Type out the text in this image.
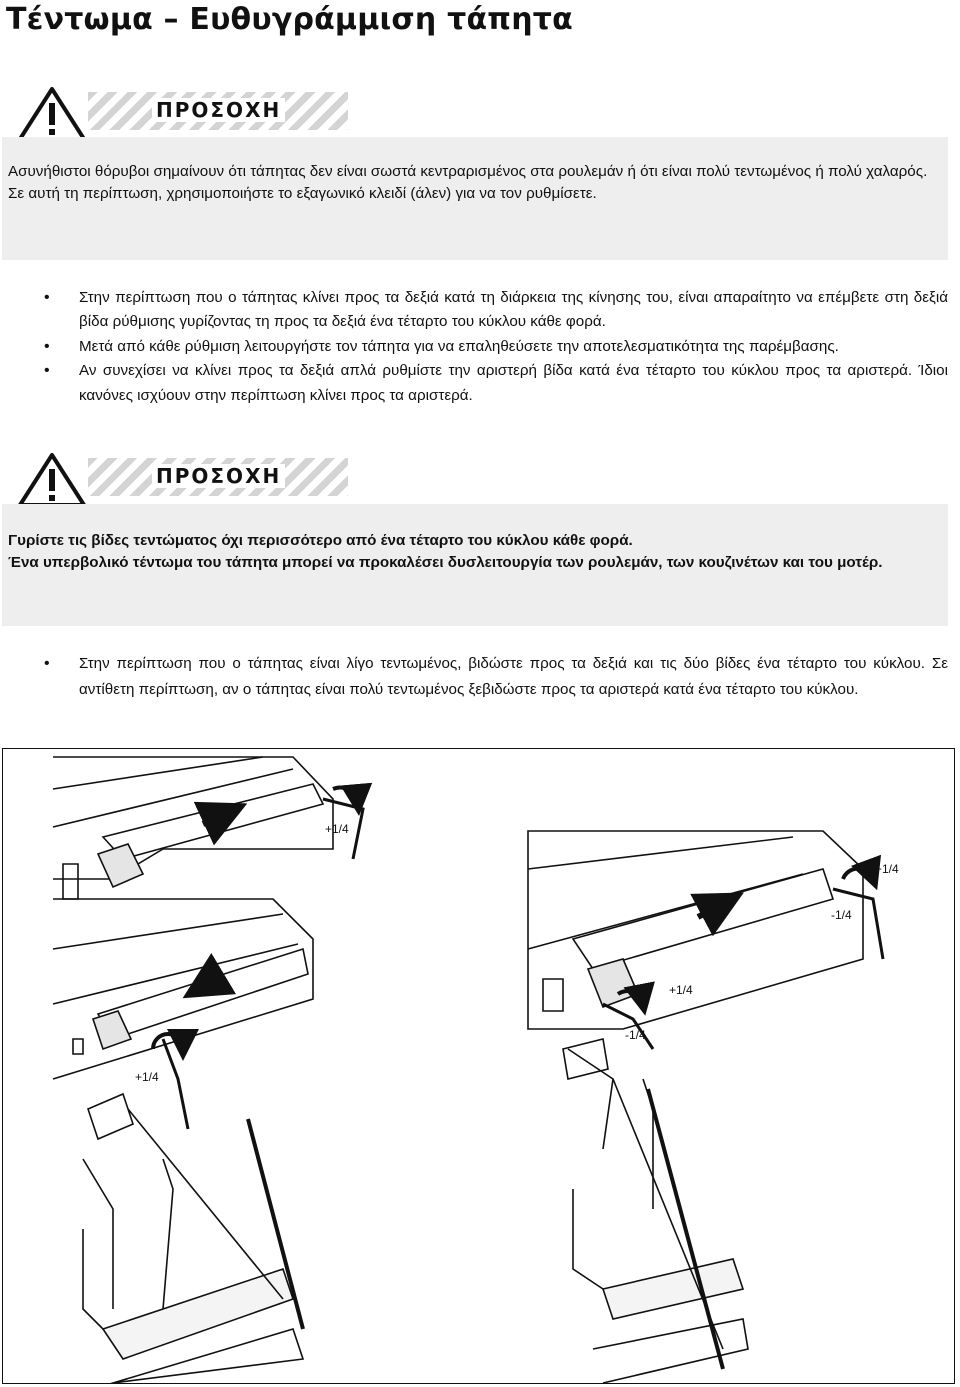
Τέντωμα – Ευθυγράμμιση τάπητα
ΠΡΟΣΟΧΗ

Ασυνήθιστοι θόρυβοι σημαίνουν ότι τάπητας δεν είναι σωστά κεντραρισμένος στα ρουλεμάν ή ότι είναι πολύ τεντωμένος ή πολύ χαλαρός.

Σε αυτή τη περίπτωση, χρησιμοποιήστε το εξαγωνικό κλειδί (άλεν) για να τον ρυθμίσετε.

• Στην περίπτωση που ο τάπητας κλίνει προς τα δεξιά κατά τη διάρκεια της κίνησης του, είναι απαραίτητο να επέμβετε στη δεξιά βίδα ρύθμισης γυρίζοντας τη προς τα δεξιά ένα τέταρτο του κύκλου κάθε φορά.
• Μετά από κάθε ρύθμιση λειτουργήστε τον τάπητα για να επαληθεύσετε την αποτελεσματικότητα της παρέμβασης.
• Αν συνεχίσει να κλίνει προς τα δεξιά απλά ρυθμίστε την αριστερή βίδα κατά ένα τέταρτο του κύκλου προς τα αριστερά. Ίδιοι κανόνες ισχύουν στην περίπτωση κλίνει προς τα αριστερά.
ΠΡΟΣΟΧΗ

Γυρίστε τις βίδες τεντώματος όχι περισσότερο από ένα τέταρτο του κύκλου κάθε φορά.

Ένα υπερβολικό τέντωμα του τάπητα μπορεί να προκαλέσει δυσλειτουργία των ρουλεμάν, των κουζινέτων και του μοτέρ.

• Στην περίπτωση που ο τάπητας είναι λίγο τεντωμένος, βιδώστε προς τα δεξιά και τις δύο βίδες ένα τέταρτο του κύκλου. Σε αντίθετη περίπτωση, αν ο τάπητας είναι πολύ τεντωμένος ξεβιδώστε προς τα αριστερά κατά ένα τέταρτο του κύκλου.
+1/4
+1/4
+1/4
-1/4
+1/4
-1/4
